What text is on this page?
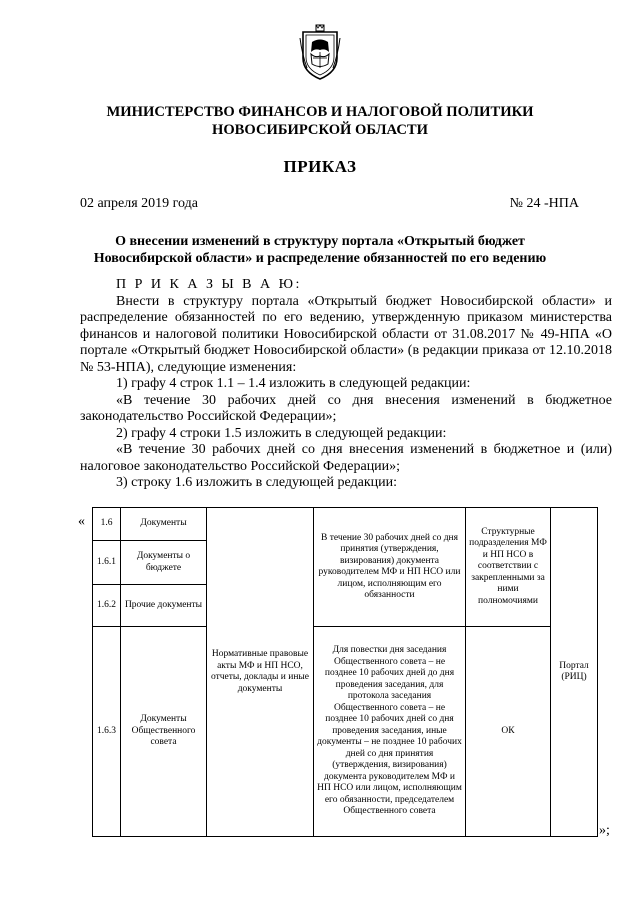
МИНИСТЕРСТВО ФИНАНСОВ И НАЛОГОВОЙ ПОЛИТИКИ
НОВОСИБИРСКОЙ ОБЛАСТИ
ПРИКАЗ
02 апреля 2019 года	№ 24 -НПА
О внесении изменений в структуру портала «Открытый бюджет
Новосибирской области» и распределение обязанностей по его ведению

П Р И К А З Ы В А Ю:

Внести в структуру портала «Открытый бюджет Новосибирской области» и распределение обязанностей по его ведению, утвержденную приказом министерства финансов и налоговой политики Новосибирской области от 31.08.2017 № 49-НПА «О портале «Открытый бюджет Новосибирской области» (в редакции приказа от 12.10.2018 № 53-НПА), следующие изменения:

1) графу 4 строк 1.1 – 1.4 изложить в следующей редакции:

«В течение 30 рабочих дней со дня внесения изменений в бюджетное законодательство Российской Федерации»;

2) графу 4 строки 1.5 изложить в следующей редакции:

«В течение 30 рабочих дней со дня внесения изменений в бюджетное и (или) налоговое законодательство Российской Федерации»;

3) строку 1.6 изложить в следующей редакции:

« 1.6	Документы	Нормативные правовые акты МФ и НП НСО, отчеты, доклады и иные документы	В течение 30 рабочих дней со дня принятия (утверждения, визирования) документа руководителем МФ и НП НСО или лицом, исполняющим его обязанности	Структурные подразделения МФ и НП НСО в соответствии с закрепленными за ними полномочиями	Портал (РИЦ)
1.6.1	Документы о бюджете				
1.6.2	Прочие документы				
1.6.3	Документы Общественного совета		Для повестки дня заседания Общественного совета – не позднее 10 рабочих дней до дня проведения заседания, для протокола заседания Общественного совета – не позднее 10 рабочих дней со дня проведения заседания, иные документы – не позднее 10 рабочих дней со дня принятия (утверждения, визирования) документа руководителем МФ и НП НСО или лицом, исполняющим его обязанности, председателем Общественного совета	ОК	
»;
